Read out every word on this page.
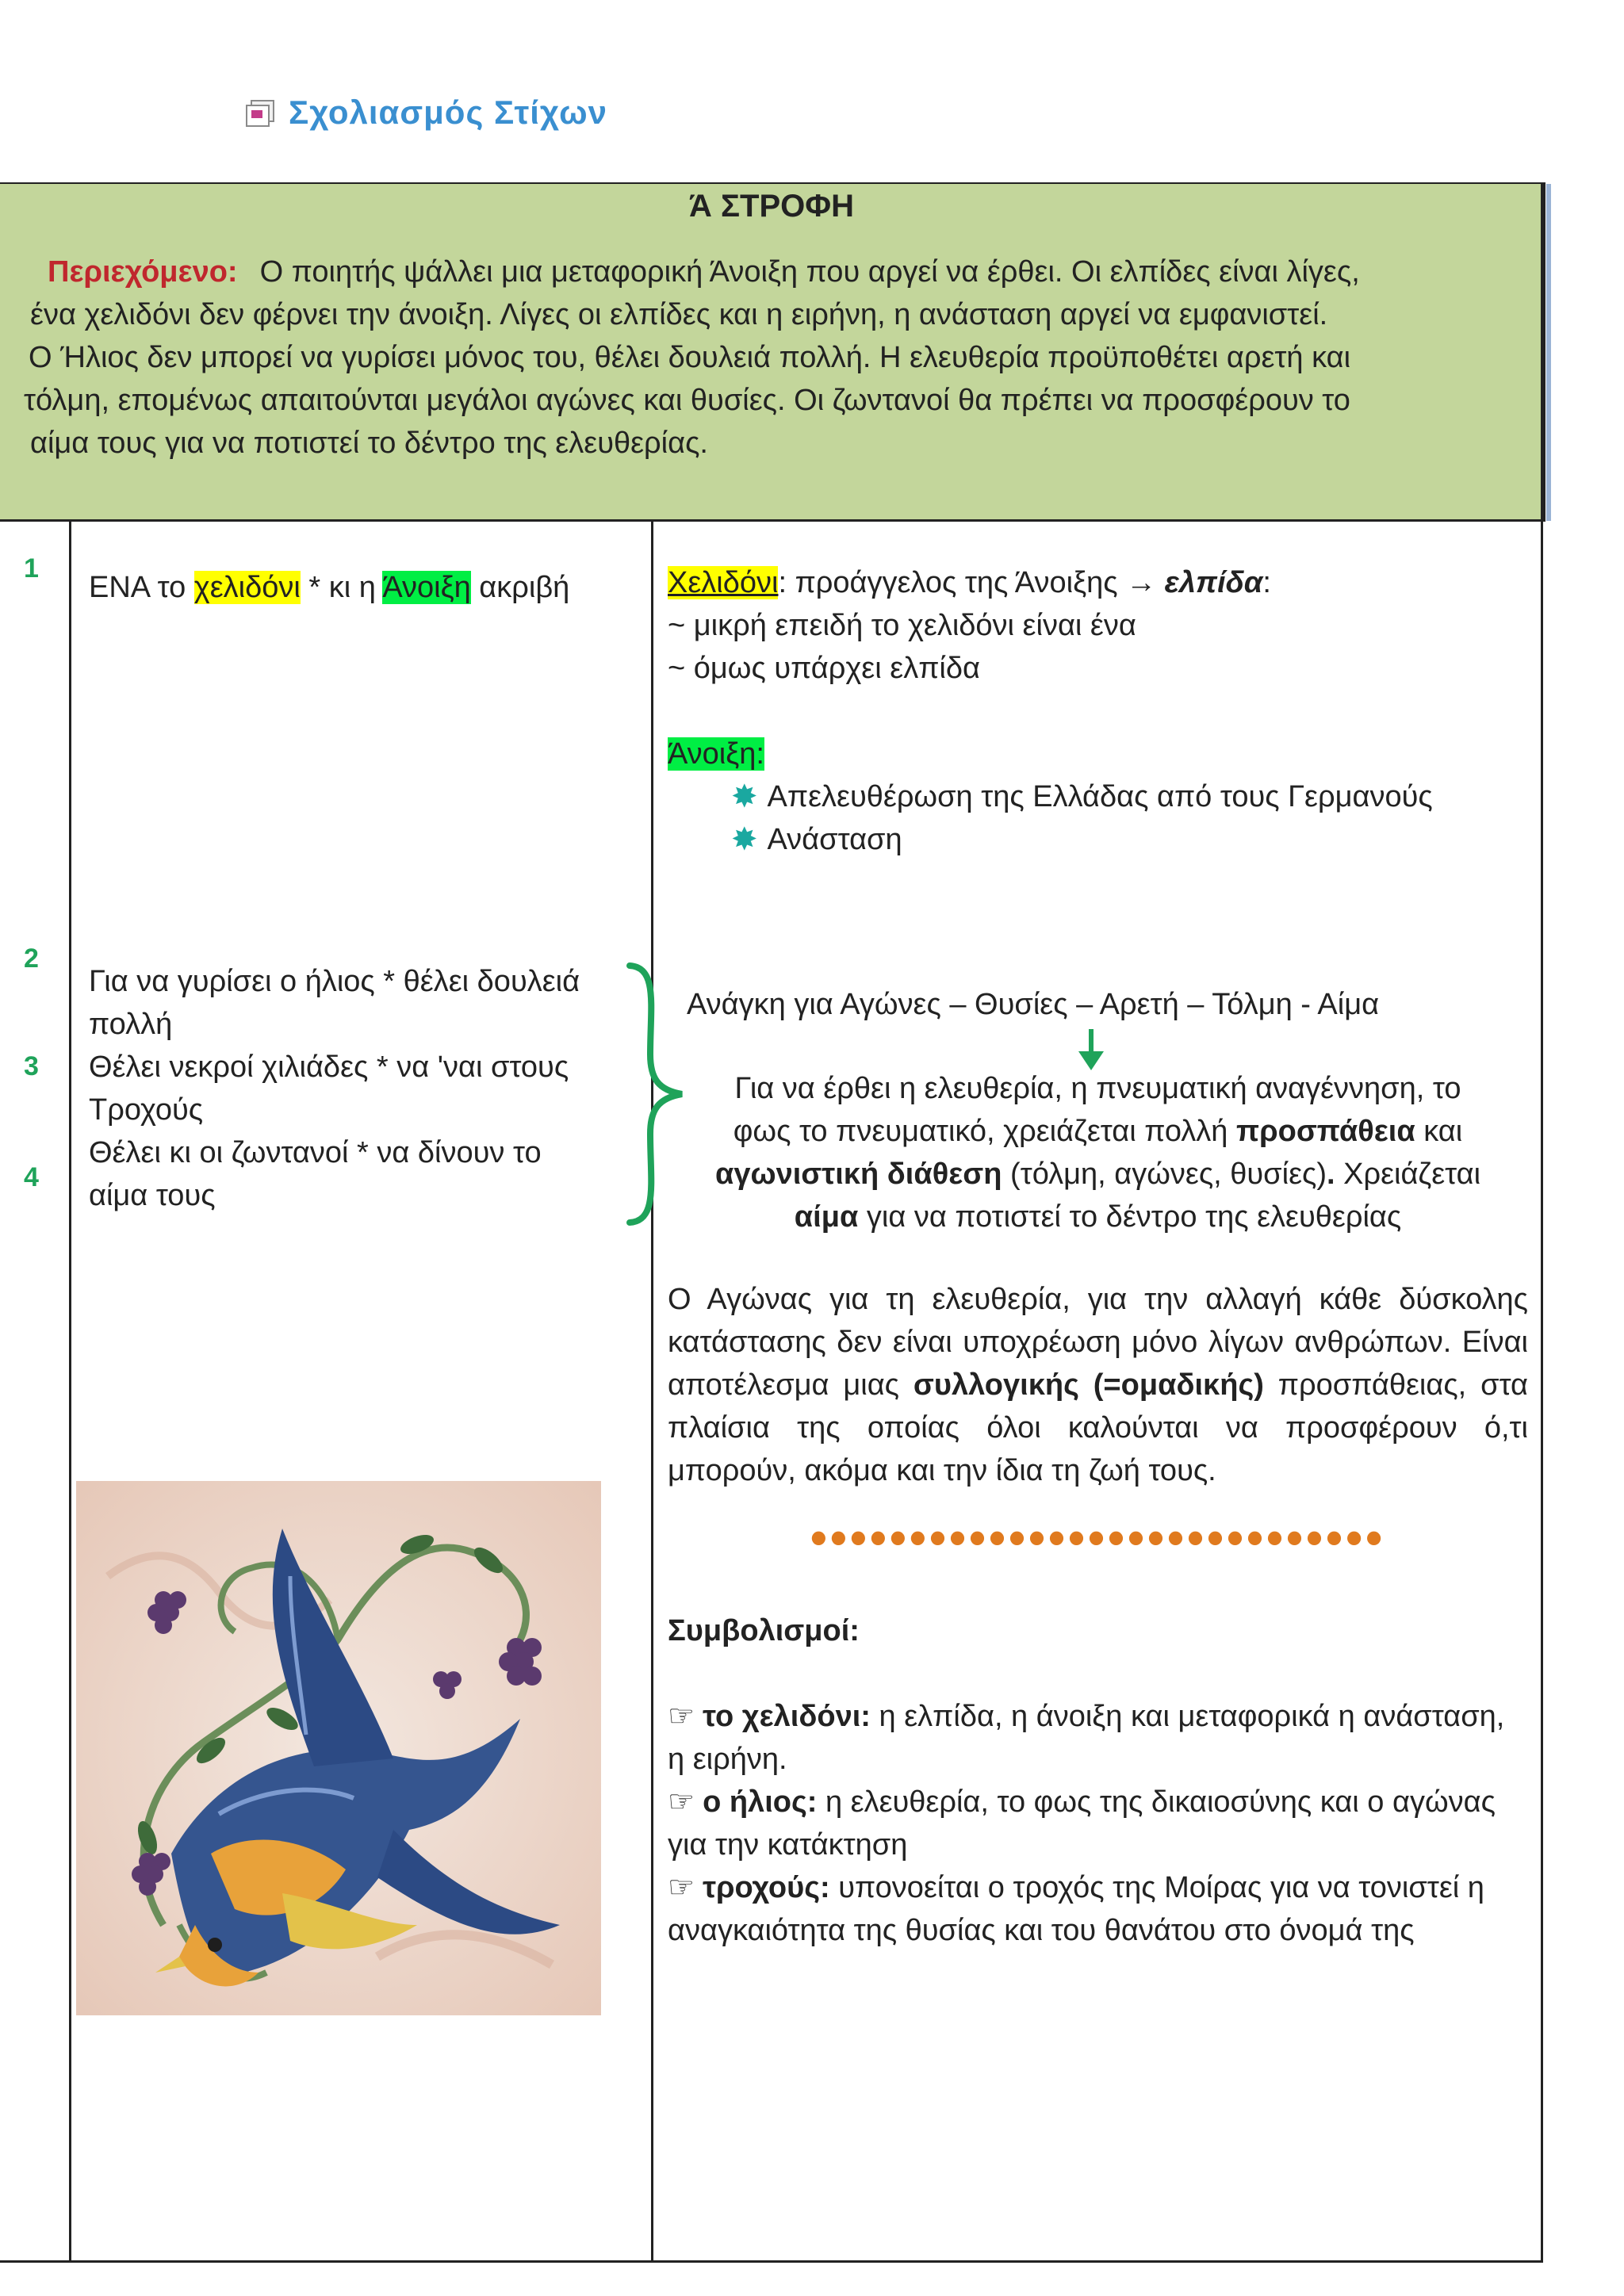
Σχολιασμός Στίχων
Ά ΣΤΡΟΦΗ
Περιεχόμενο: Ο ποιητής ψάλλει μια μεταφορική Άνοιξη που αργεί να έρθει. Οι ελπίδες είναι λίγες,
ένα χελιδόνι δεν φέρνει την άνοιξη. Λίγες οι ελπίδες και η ειρήνη, η ανάσταση αργεί να εμφανιστεί.
Ο Ήλιος δεν μπορεί να γυρίσει μόνος του, θέλει δουλειά πολλή. Η ελευθερία προϋποθέτει αρετή και
τόλμη, επομένως απαιτούνται μεγάλοι αγώνες και θυσίες. Οι ζωντανοί θα πρέπει να προσφέρουν το
αίμα τους για να ποτιστεί το δέντρο της ελευθερίας.
1
2
3
4
ΕΝΑ το χελιδόνι * κι η Άνοιξη ακριβή
Για να γυρίσει ο ήλιος * θέλει δουλειά
πολλή
Θέλει νεκροί χιλιάδες * να 'ναι στους
Τροχούς
Θέλει κι οι ζωντανοί * να δίνουν το
αίμα τους
Χελιδόνι: προάγγελος της Άνοιξης → ελπίδα:
~ μικρή επειδή το χελιδόνι είναι ένα
~ όμως υπάρχει ελπίδα
Άνοιξη:
✸ Απελευθέρωση της Ελλάδας από τους Γερμανούς
✸ Ανάσταση
Ανάγκη για Αγώνες – Θυσίες – Αρετή – Τόλμη - Αίμα
Για να έρθει η ελευθερία, η πνευματική αναγέννηση, το
φως το πνευματικό, χρειάζεται πολλή προσπάθεια και
αγωνιστική διάθεση (τόλμη, αγώνες, θυσίες). Χρειάζεται
αίμα για να ποτιστεί το δέντρο της ελευθερίας
Ο Αγώνας για τη ελευθερία, για την αλλαγή κάθε δύσκολης κατάστασης δεν είναι υποχρέωση μόνο λίγων ανθρώπων. Είναι αποτέλεσμα μιας συλλογικής (=ομαδικής) προσπάθειας, στα πλαίσια της οποίας όλοι καλούνται να προσφέρουν ό,τι μπορούν, ακόμα και την ίδια τη ζωή τους.
•••••••••••••••••••••••••••••
Συμβολισμοί:
☞ το χελιδόνι: η ελπίδα, η άνοιξη και μεταφορικά η ανάσταση, η ειρήνη.
☞ ο ήλιος: η ελευθερία, το φως της δικαιοσύνης και ο αγώνας για την κατάκτηση
☞ τροχούς: υπονοείται ο τροχός της Μοίρας για να τονιστεί η αναγκαιότητα της θυσίας και του θανάτου στο όνομά της
